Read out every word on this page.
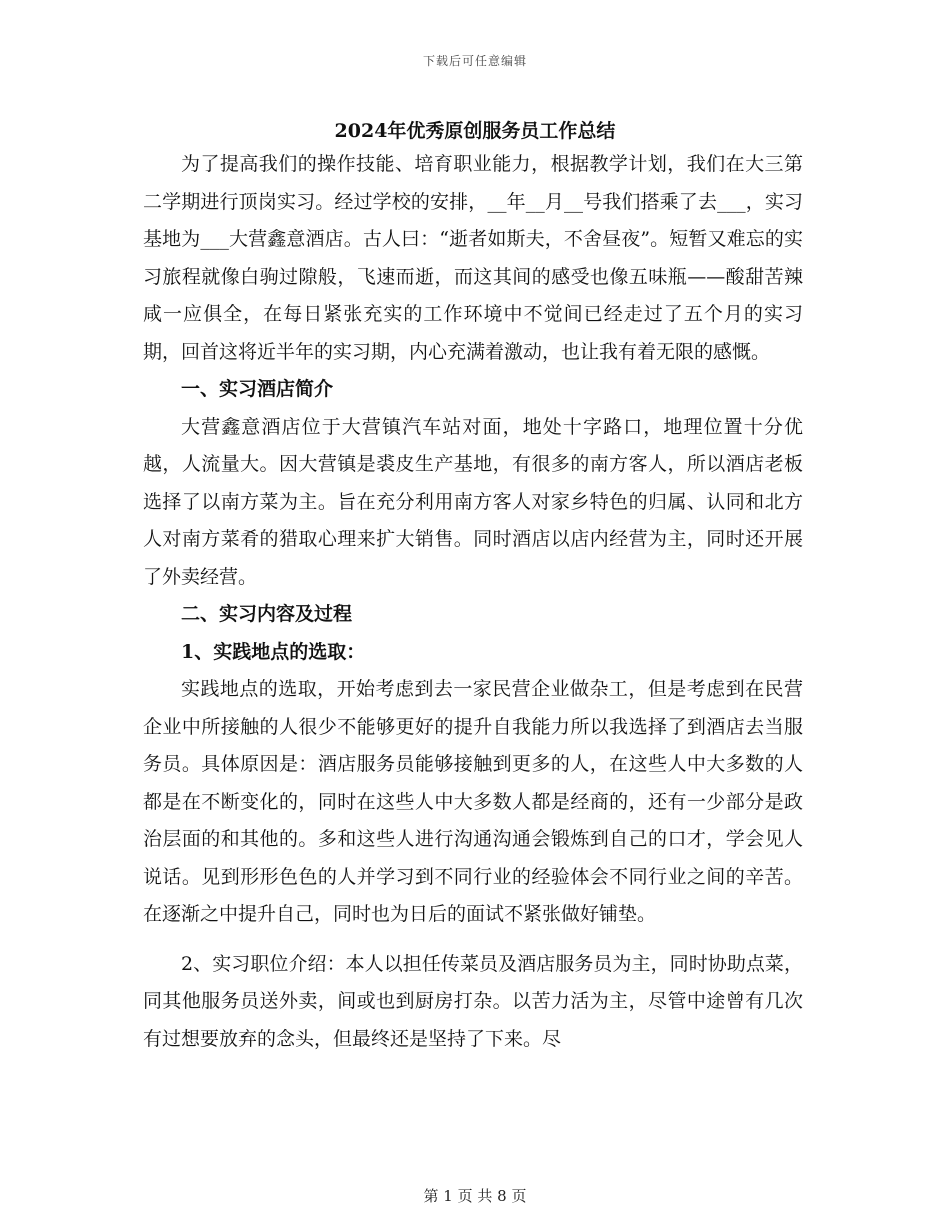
下载后可任意编辑
2024年优秀原创服务员工作总结

为了提高我们的操作技能、培育职业能力，根据教学计划，我们在大三第二学期进行顶岗实习。经过学校的安排，__年__月__号我们搭乘了去___，实习基地为___大营鑫意酒店。古人曰：“逝者如斯夫，不舍昼夜”。短暂又难忘的实习旅程就像白驹过隙般，飞速而逝，而这其间的感受也像五味瓶——酸甜苦辣咸一应俱全，在每日紧张充实的工作环境中不觉间已经走过了五个月的实习期，回首这将近半年的实习期，内心充满着激动，也让我有着无限的感慨。

一、实习酒店简介

大营鑫意酒店位于大营镇汽车站对面，地处十字路口，地理位置十分优越，人流量大。因大营镇是裘皮生产基地，有很多的南方客人，所以酒店老板选择了以南方菜为主。旨在充分利用南方客人对家乡特色的归属、认同和北方人对南方菜肴的猎取心理来扩大销售。同时酒店以店内经营为主，同时还开展了外卖经营。

二、实习内容及过程
1、实践地点的选取：

实践地点的选取，开始考虑到去一家民营企业做杂工，但是考虑到在民营企业中所接触的人很少不能够更好的提升自我能力所以我选择了到酒店去当服务员。具体原因是：酒店服务员能够接触到更多的人，在这些人中大多数的人都是在不断变化的，同时在这些人中大多数人都是经商的，还有一少部分是政治层面的和其他的。多和这些人进行沟通沟通会锻炼到自己的口才，学会见人说话。见到形形色色的人并学习到不同行业的经验体会不同行业之间的辛苦。在逐渐之中提升自己，同时也为日后的面试不紧张做好铺垫。

2、实习职位介绍：本人以担任传菜员及酒店服务员为主，同时协助点菜，同其他服务员送外卖，间或也到厨房打杂。以苦力活为主，尽管中途曾有几次有过想要放弃的念头，但最终还是坚持了下来。尽

第 1 页 共 8 页
